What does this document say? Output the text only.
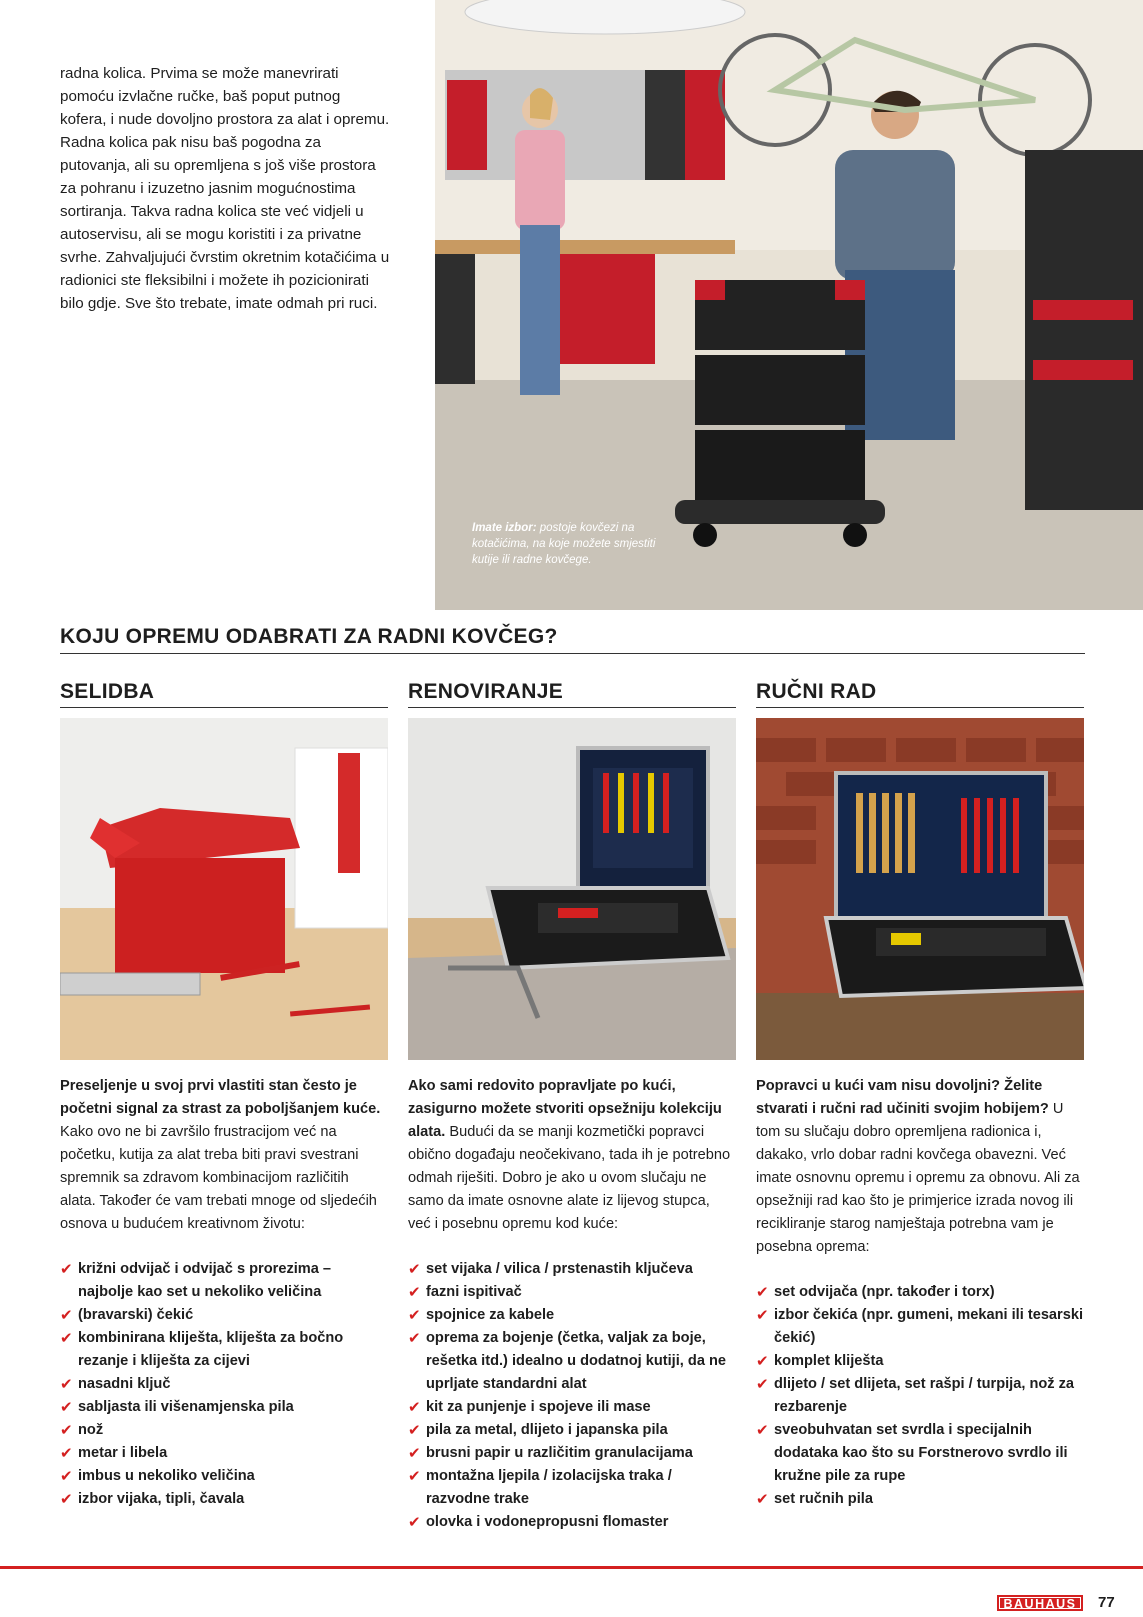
radna kolica. Prvima se može manevrirati pomoću izvlačne ručke, baš poput putnog kofera, i nude dovoljno prostora za alat i opremu. Radna kolica pak nisu baš pogodna za putovanja, ali su opremljena s još više prostora za pohranu i izuzetno jasnim mogućnostima sortiranja. Takva radna kolica ste već vidjeli u autoservisu, ali se mogu koristiti i za privatne svrhe. Zahvaljujući čvrstim okretnim kotačićima u radionici ste fleksibilni i možete ih pozicionirati bilo gdje. Sve što trebate, imate odmah pri ruci.

Imate izbor: postoje kovčezi na kotačićima, na koje možete smjestiti kutije ili radne kovčege.

KOJU OPREMU ODABRATI ZA RADNI KOVČEG?
SELIDBA

Preseljenje u svoj prvi vlastiti stan često je početni signal za strast za poboljšanjem kuće. Kako ovo ne bi završilo frustracijom već na početku, kutija za alat treba biti pravi svestrani spremnik sa zdravom kombinacijom različitih alata. Također će vam trebati mnoge od sljedećih osnova u budućem kreativnom životu:

✔ križni odvijač i odvijač s prorezima – najbolje kao set u nekoliko veličina
✔ (bravarski) čekić
✔ kombinirana kliješta, kliješta za bočno rezanje i kliješta za cijevi
✔ nasadni ključ
✔ sabljasta ili višenamjenska pila
✔ nož
✔ metar i libela
✔ imbus u nekoliko veličina
✔ izbor vijaka, tipli, čavala
RENOVIRANJE

Ako sami redovito popravljate po kući, zasigurno možete stvoriti opsežniju kolekciju alata. Budući da se manji kozmetički popravci obično događaju neočekivano, tada ih je potrebno odmah riješiti. Dobro je ako u ovom slučaju ne samo da imate osnovne alate iz lijevog stupca, već i posebnu opremu kod kuće:

✔ set vijaka / vilica / prstenastih ključeva
✔ fazni ispitivač
✔ spojnice za kabele
✔ oprema za bojenje (četka, valjak za boje, rešetka itd.) idealno u dodatnoj kutiji, da ne uprljate standardni alat
✔ kit za punjenje i spojeve ili mase
✔ pila za metal, dlijeto i japanska pila
✔ brusni papir u različitim granulacijama
✔ montažna ljepila / izolacijska traka / razvodne trake
✔ olovka i vodonepropusni flomaster
RUČNI RAD

Popravci u kući vam nisu dovoljni? Želite stvarati i ručni rad učiniti svojim hobijem? U tom su slučaju dobro opremljena radionica i, dakako, vrlo dobar radni kovčega obavezni. Već imate osnovnu opremu i opremu za obnovu. Ali za opsežniji rad kao što je primjerice izrada novog ili recikliranje starog namještaja potrebna vam je posebna oprema:

✔ set odvijača (npr. također i torx)
✔ izbor čekića (npr. gumeni, mekani ili tesarski čekić)
✔ komplet kliješta
✔ dlijeto / set dlijeta, set rašpi / turpija, nož za rezbarenje
✔ sveobuhvatan set svrdla i specijalnih dodataka kao što su Forstnerovo svrdlo ili kružne pile za rupe
✔ set ručnih pila
BAUHAUS	77
